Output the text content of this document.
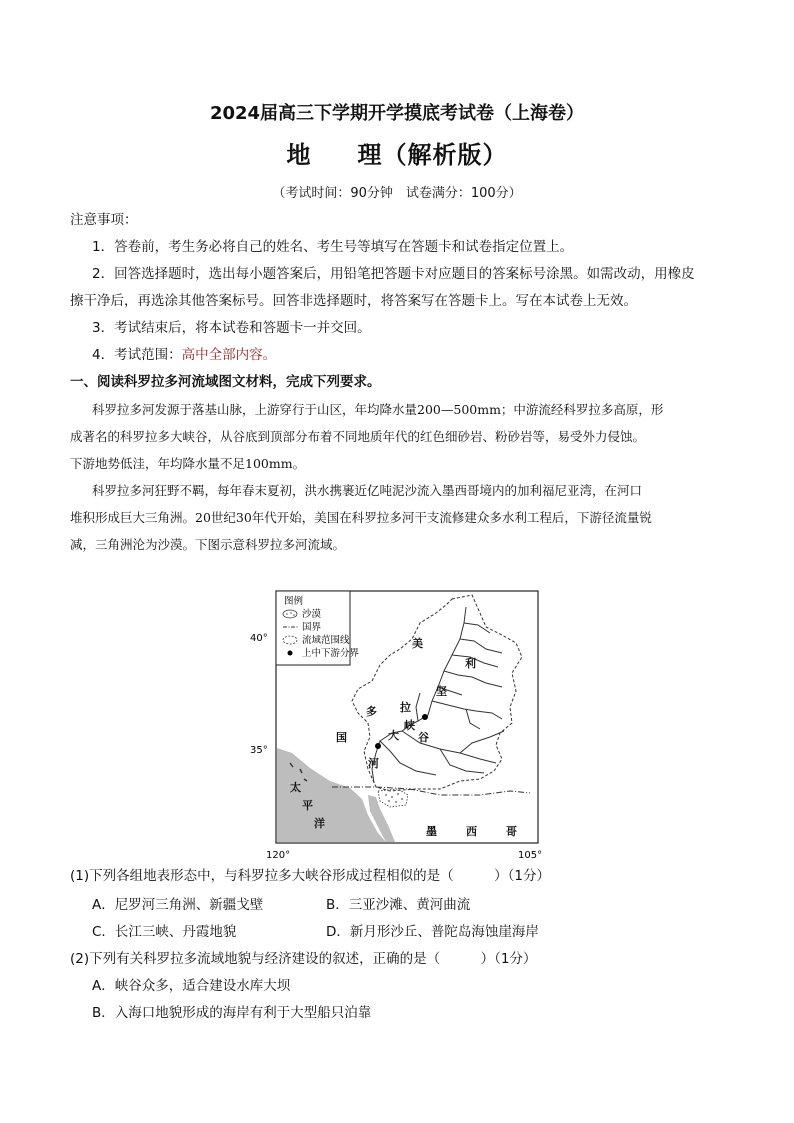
2024届高三下学期开学摸底考试卷（上海卷）
地 理（解析版）
（考试时间：90分钟　试卷满分：100分）
注意事项：
1．答卷前，考生务必将自己的姓名、考生号等填写在答题卡和试卷指定位置上。
2．回答选择题时，选出每小题答案后，用铅笔把答题卡对应题目的答案标号涂黑。如需改动，用橡皮
擦干净后，再选涂其他答案标号。回答非选择题时，将答案写在答题卡上。写在本试卷上无效。
3．考试结束后，将本试卷和答题卡一并交回。
4．考试范围：高中全部内容。
一、阅读科罗拉多河流域图文材料，完成下列要求。
科罗拉多河发源于落基山脉，上游穿行于山区，年均降水量200—500mm；中游流经科罗拉多高原，形
成著名的科罗拉多大峡谷，从谷底到顶部分布着不同地质年代的红色细砂岩、粉砂岩等，易受外力侵蚀。
下游地势低洼，年均降水量不足100mm。
科罗拉多河狂野不羁，每年春末夏初，洪水携裹近亿吨泥沙流入墨西哥境内的加利福尼亚湾，在河口
堆积形成巨大三角洲。20世纪30年代开始，美国在科罗拉多河干支流修建众多水利工程后，下游径流量锐
减，三角洲沦为沙漠。下图示意科罗拉多河流域。
40°
35°
120°	105°
美
利
坚
多 拉
国	大
峡
谷
河
太
平
洋
墨	西	哥
图例
沙漠
国界
流域范围线
上中下游分界
(1)下列各组地表形态中，与科罗拉多大峡谷形成过程相似的是（　　　）（1分）
A．尼罗河三角洲、新疆戈壁	B．三亚沙滩、黄河曲流
C．长江三峡、丹霞地貌	D．新月形沙丘、普陀岛海蚀崖海岸
(2)下列有关科罗拉多流域地貌与经济建设的叙述，正确的是（　　　）（1分）
A．峡谷众多，适合建设水库大坝
B．入海口地貌形成的海岸有利于大型船只泊靠
